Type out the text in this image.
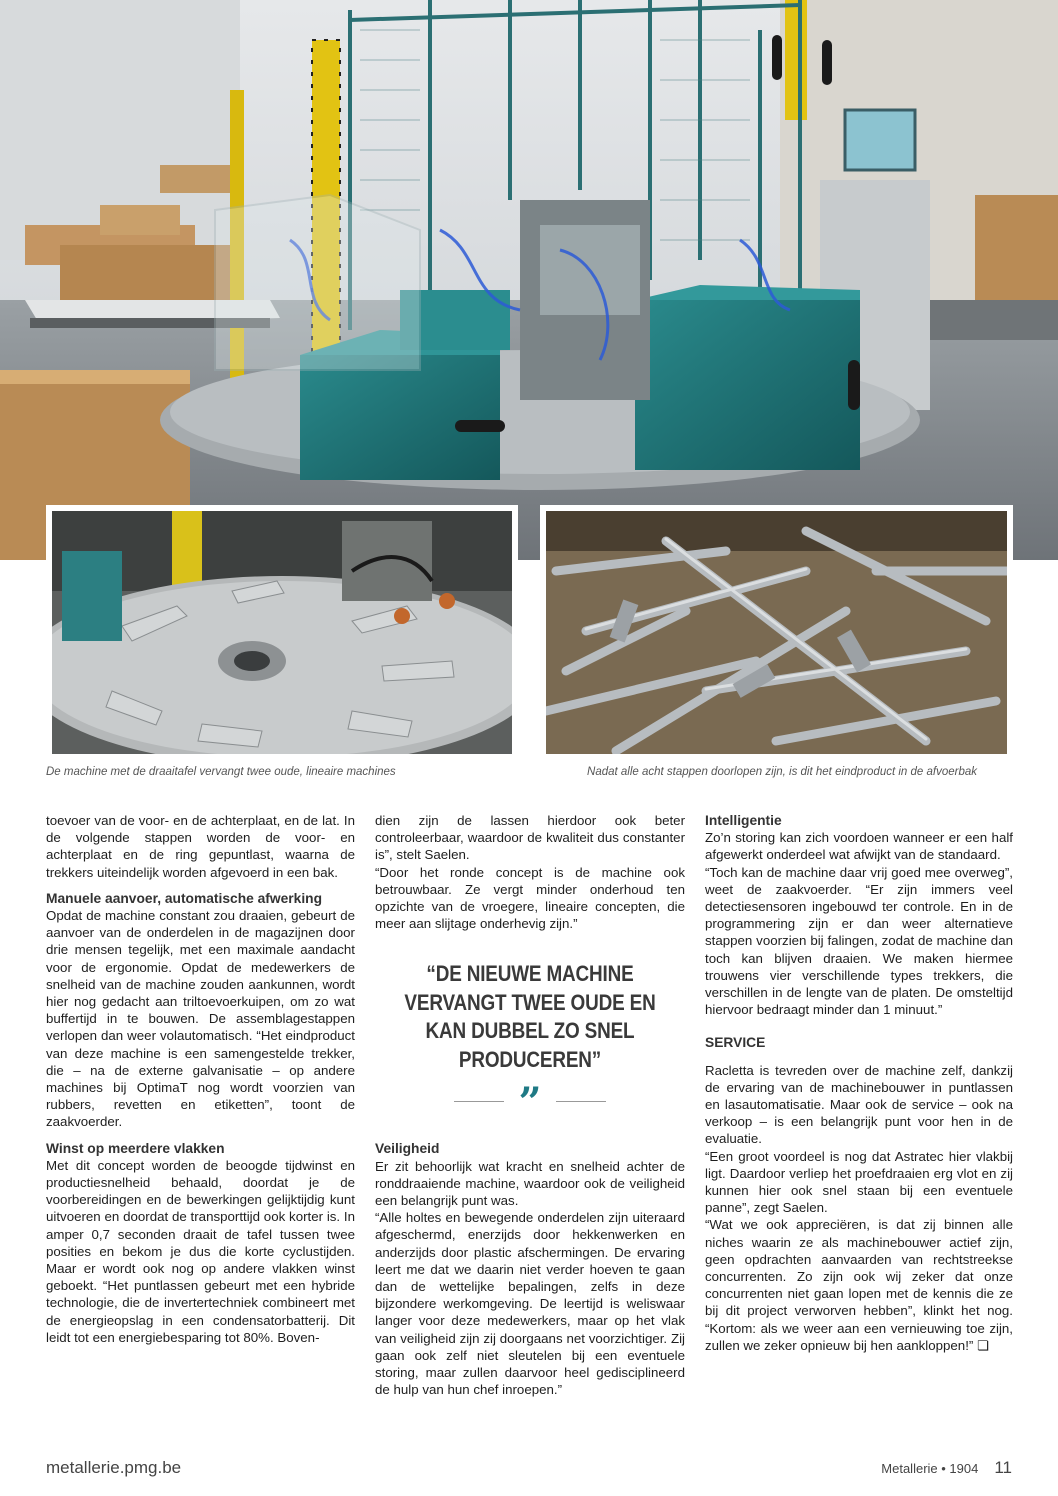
De machine met de draaitafel vervangt twee oude, lineaire machines	Nadat alle acht stappen doorlopen zijn, is dit het eindproduct in de afvoerbak

toevoer van de voor- en de achterplaat, en de lat. In de volgende stappen worden de voor- en achterplaat en de ring gepuntlast, waarna de trekkers uiteindelijk worden afgevoerd in een bak.

Manuele aanvoer, automatische afwerking

Opdat de machine constant zou draaien, gebeurt de aanvoer van de onderdelen in de magazijnen door drie mensen tegelijk, met een maximale aandacht voor de ergonomie. Opdat de medewerkers de snelheid van de machine zouden aankunnen, wordt hier nog gedacht aan triltoevoerkuipen, om zo wat buffertijd in te bouwen. De assemblagestappen verlopen dan weer volautomatisch. “Het eindproduct van deze machine is een samengestelde trekker, die – na de externe galvanisatie – op andere machines bij OptimaT nog wordt voorzien van rubbers, revetten en etiketten”, toont de zaakvoerder.

Winst op meerdere vlakken

Met dit concept worden de beoogde tijdwinst en productiesnelheid behaald, doordat je de voorbereidingen en de bewerkingen gelijktijdig kunt uitvoeren en doordat de transporttijd ook korter is. In amper 0,7 seconden draait de tafel tussen twee posities en bekom je dus die korte cyclustijden. Maar er wordt ook nog op andere vlakken winst geboekt. “Het puntlassen gebeurt met een hybride technologie, die de invertertechniek combineert met de energieopslag in een condensatorbatterij. Dit leidt tot een energiebesparing tot 80%. Boven-

dien zijn de lassen hierdoor ook beter controleerbaar, waardoor de kwaliteit dus constanter is”, stelt Saelen.

“Door het ronde concept is de machine ook betrouwbaar. Ze vergt minder onderhoud ten opzichte van de vroegere, lineaire concepten, die meer aan slijtage onderhevig zijn.”

“DE NIEUWE MACHINE VERVANGT TWEE OUDE EN KAN DUBBEL ZO SNEL PRODUCEREN”
”
Veiligheid

Er zit behoorlijk wat kracht en snelheid achter de ronddraaiende machine, waardoor ook de veiligheid een belangrijk punt was.

“Alle holtes en bewegende onderdelen zijn uiteraard afgeschermd, enerzijds door hekkenwerken en anderzijds door plastic afschermingen. De ervaring leert me dat we daarin niet verder hoeven te gaan dan de wettelijke bepalingen, zelfs in deze bijzondere werkomgeving. De leertijd is weliswaar langer voor deze medewerkers, maar op het vlak van veiligheid zijn zij doorgaans net voorzichtiger. Zij gaan ook zelf niet sleutelen bij een eventuele storing, maar zullen daarvoor heel gedisciplineerd de hulp van hun chef inroepen.”

Intelligentie

Zo’n storing kan zich voordoen wanneer er een half afgewerkt onderdeel wat afwijkt van de standaard.

“Toch kan de machine daar vrij goed mee overweg”, weet de zaakvoerder. “Er zijn immers veel detectiesensoren ingebouwd ter controle. En in de programmering zijn er dan weer alternatieve stappen voorzien bij falingen, zodat de machine dan toch kan blijven draaien. We maken hiermee trouwens vier verschillende types trekkers, die verschillen in de lengte van de platen. De omsteltijd hiervoor bedraagt minder dan 1 minuut.”

SERVICE

Racletta is tevreden over de machine zelf, dankzij de ervaring van de machinebouwer in puntlassen en lasautomatisatie. Maar ook de service – ook na verkoop – is een belangrijk punt voor hen in de evaluatie.

“Een groot voordeel is nog dat Astratec hier vlakbij ligt. Daardoor verliep het proefdraaien erg vlot en zij kunnen hier ook snel staan bij een eventuele panne”, zegt Saelen.

“Wat we ook appreciëren, is dat zij binnen alle niches waarin ze als machinebouwer actief zijn, geen opdrachten aanvaarden van rechtstreekse concurrenten. Zo zijn ook wij zeker dat onze concurrenten niet gaan lopen met de kennis die ze bij dit project verworven hebben”, klinkt het nog. “Kortom: als we weer aan een vernieuwing toe zijn, zullen we zeker opnieuw bij hen aankloppen!” ❏

metallerie.pmg.be	Metallerie • 1904 11
